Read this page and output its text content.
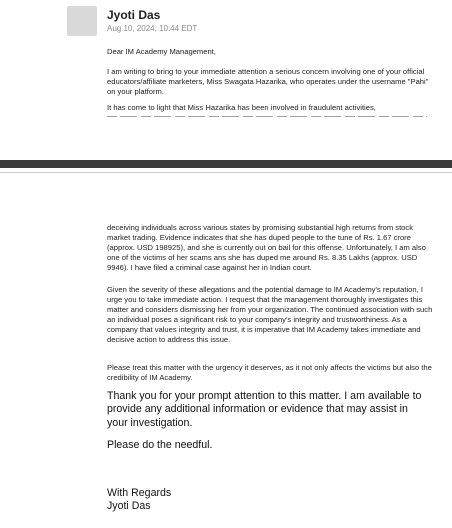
Jyoti Das
Aug 10, 2024, 10:44 EDT
Dear IM Academy Management,
I am writing to bring to your immediate attention a serious concern involving one of your official educators/affiliate marketers, Miss Swagata Hazarika, who operates under the username "Pahi" on your platform.
It has come to light that Miss Hazarika has been involved in fraudulent activities,
deceiving individuals across various states by promising substantial high returns from stock market trading. Evidence indicates that she has duped people to the tune of Rs. 1.67 crore (approx. USD 198925), and she is currently out on bail for this offense. Unfortunately, I am also one of the victims of her scams ans she has duped me around Rs. 8.35 Lakhs (approx. USD 9946). I have filed a criminal case against her in Indian court.
Given the severity of these allegations and the potential damage to IM Academy's reputation, I urge you to take immediate action. I request that the management thoroughly investigates this matter and considers dismissing her from your organization. The continued association with such an individual poses a significant risk to your company's integrity and trustworthiness. As a company that values integrity and trust, it is imperative that IM Academy takes immediate and decisive action to address this issue.
Please treat this matter with the urgency it deserves, as it not only affects the victims but also the credibility of IM Academy.
Thank you for your prompt attention to this matter. I am available to provide any additional information or evidence that may assist in your investigation.
Please do the needful.
With Regards
Jyoti Das
